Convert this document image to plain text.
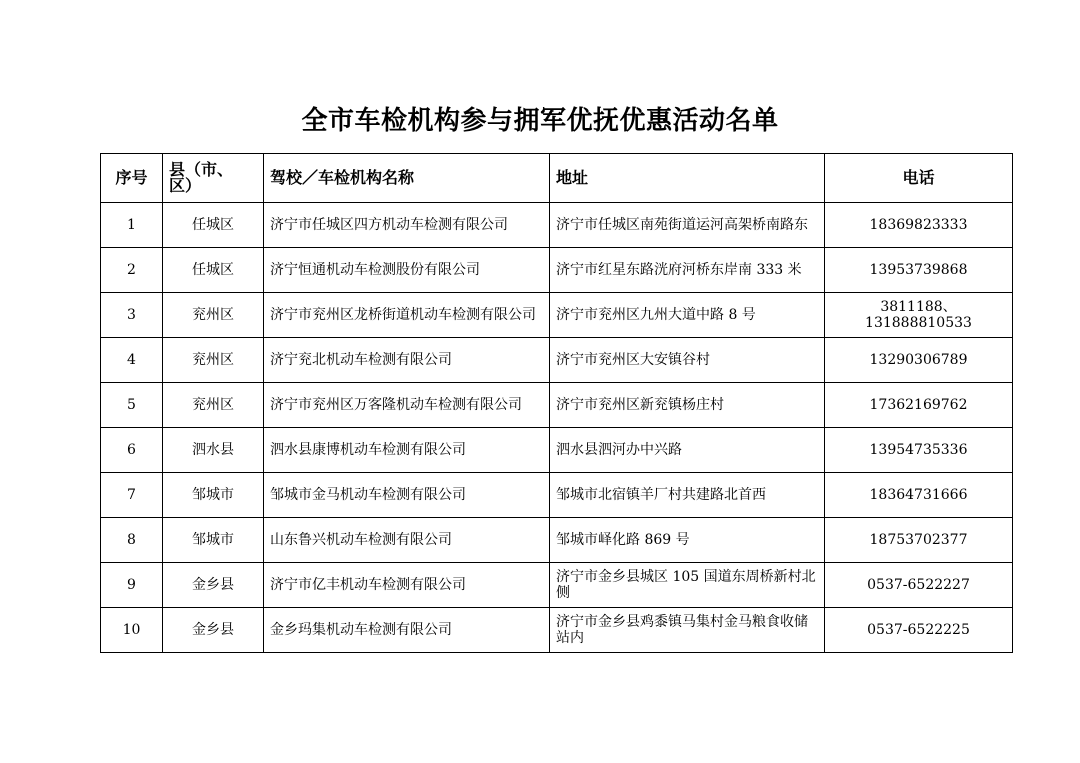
全市车检机构参与拥军优抚优惠活动名单
序号	县（市、区）	驾校／车检机构名称	地址	电话
1	任城区	济宁市任城区四方机动车检测有限公司	济宁市任城区南苑街道运河高架桥南路东	18369823333
2	任城区	济宁恒通机动车检测股份有限公司	济宁市红星东路洸府河桥东岸南 333 米	13953739868
3	兖州区	济宁市兖州区龙桥街道机动车检测有限公司	济宁市兖州区九州大道中路 8 号	3811188、131888810533
4	兖州区	济宁兖北机动车检测有限公司	济宁市兖州区大安镇谷村	13290306789
5	兖州区	济宁市兖州区万客隆机动车检测有限公司	济宁市兖州区新兖镇杨庄村	17362169762
6	泗水县	泗水县康博机动车检测有限公司	泗水县泗河办中兴路	13954735336
7	邹城市	邹城市金马机动车检测有限公司	邹城市北宿镇羊厂村共建路北首西	18364731666
8	邹城市	山东鲁兴机动车检测有限公司	邹城市峄化路 869 号	18753702377
9	金乡县	济宁市亿丰机动车检测有限公司	济宁市金乡县城区 105 国道东周桥新村北侧	0537-6522227
10	金乡县	金乡玛集机动车检测有限公司	济宁市金乡县鸡黍镇马集村金马粮食收储站内	0537-6522225
